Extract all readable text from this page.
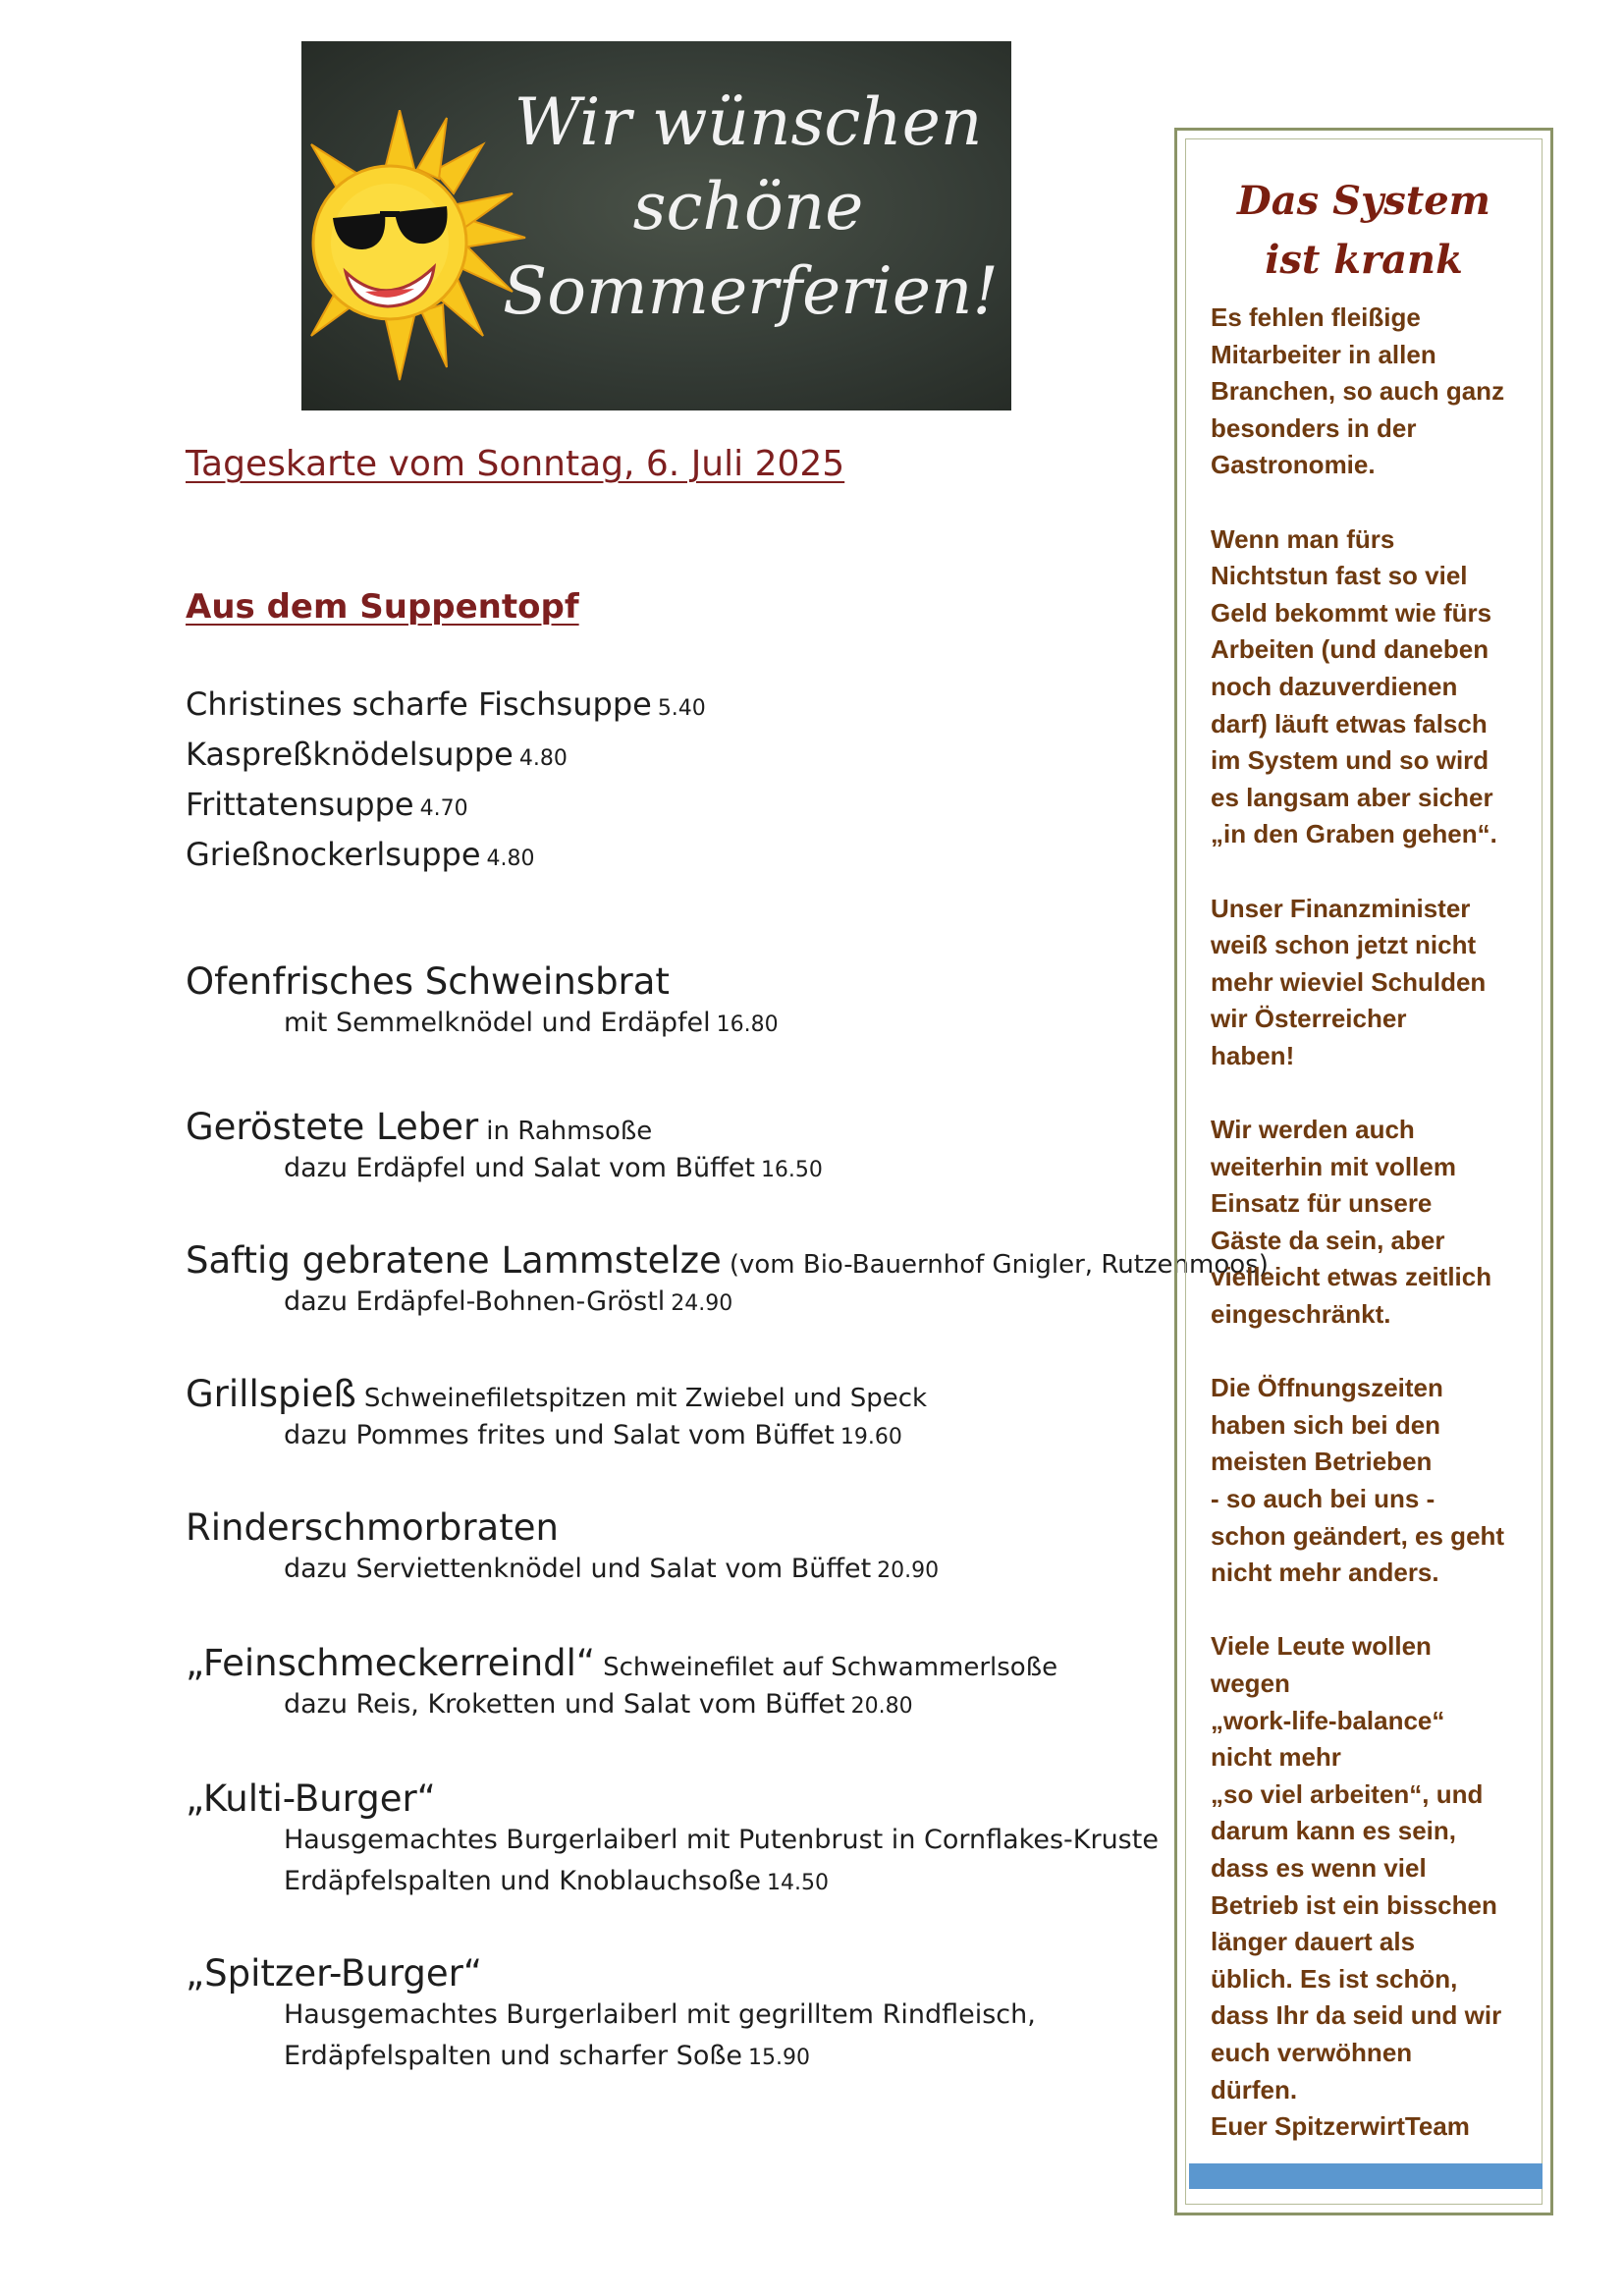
Wir wünschen
schöne
Sommerferien!
Tageskarte vom Sonntag, 6. Juli 2025
Aus dem Suppentopf
Christines scharfe Fischsuppe 5.40
Kaspreßknödelsuppe 4.80
Frittatensuppe 4.70
Grießnockerlsuppe 4.80
Ofenfrisches Schweinsbrat
mit Semmelknödel und Erdäpfel 16.80
Geröstete Leber in Rahmsoße
dazu Erdäpfel und Salat vom Büffet 16.50
Saftig gebratene Lammstelze (vom Bio-Bauernhof Gnigler, Rutzenmoos)
dazu Erdäpfel-Bohnen-Gröstl 24.90
Grillspieß Schweinefiletspitzen mit Zwiebel und Speck
dazu Pommes frites und Salat vom Büffet 19.60
Rinderschmorbraten
dazu Serviettenknödel und Salat vom Büffet 20.90
„Feinschmeckerreindl“ Schweinefilet auf Schwammerlsoße
dazu Reis, Kroketten und Salat vom Büffet 20.80
„Kulti-Burger“
Hausgemachtes Burgerlaiberl mit Putenbrust in Cornflakes-Kruste
Erdäpfelspalten und Knoblauchsoße 14.50
„Spitzer-Burger“
Hausgemachtes Burgerlaiberl mit gegrilltem Rindfleisch,
Erdäpfelspalten und scharfer Soße 15.90
Das System
ist krank

Es fehlen fleißige
Mitarbeiter in allen
Branchen, so auch ganz
besonders in der
Gastronomie.

Wenn man fürs
Nichtstun fast so viel
Geld bekommt wie fürs
Arbeiten (und daneben
noch dazuverdienen
darf) läuft etwas falsch
im System und so wird
es langsam aber sicher
„in den Graben gehen“.

Unser Finanzminister
weiß schon jetzt nicht
mehr wieviel Schulden
wir Österreicher
haben!

Wir werden auch
weiterhin mit vollem
Einsatz für unsere
Gäste da sein, aber
vielleicht etwas zeitlich
eingeschränkt.

Die Öffnungszeiten
haben sich bei den
meisten Betrieben
- so auch bei uns -
schon geändert, es geht
nicht mehr anders.

Viele Leute wollen
wegen
„work-life-balance“
nicht mehr
„so viel arbeiten“, und
darum kann es sein,
dass es wenn viel
Betrieb ist ein bisschen
länger dauert als
üblich. Es ist schön,
dass Ihr da seid und wir
euch verwöhnen
dürfen.

Euer SpitzerwirtTeam
